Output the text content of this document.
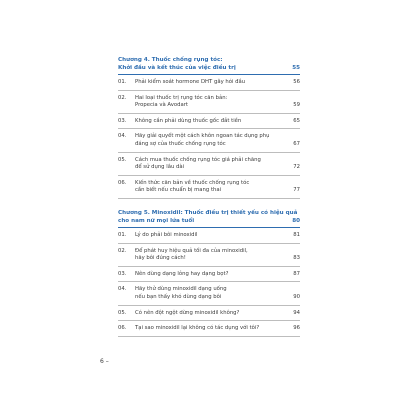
Chương 4. Thuốc chống rụng tóc:
Khởi đầu và kết thúc của việc điều trị	55
01.	Phải kiểm soát hormone DHT gây hói đầu	56
02.	Hai loại thuốc trị rụng tóc căn bản:
Propecia và Avodart	59
03.	Không cần phải dùng thuốc gốc đắt tiền	65
04.	Hãy giải quyết một cách khôn ngoan tác dụng phụ
đáng sợ của thuốc chống rụng tóc	67
05.	Cách mua thuốc chống rụng tóc giá phải chăng
để sử dụng lâu dài	72
06.	Kiến thức căn bản về thuốc chống rụng tóc
cần biết nếu chuẩn bị mang thai	77
Chương 5. Minoxidil: Thuốc điều trị thiết yếu có hiệu quả
cho nam nữ mọi lứa tuổi	80
01.	Lý do phải bôi minoxidil	81
02.	Để phát huy hiệu quả tối đa của minoxidil,
hãy bôi đúng cách!	83
03.	Nên dùng dạng lỏng hay dạng bọt?	87
04.	Hãy thử dùng minoxidil dạng uống
nếu bạn thấy khó dùng dạng bôi	90
05.	Có nên đột ngột dừng minoxidil không?	94
06.	Tại sao minoxidil lại không có tác dụng với tôi?	96
6 –
